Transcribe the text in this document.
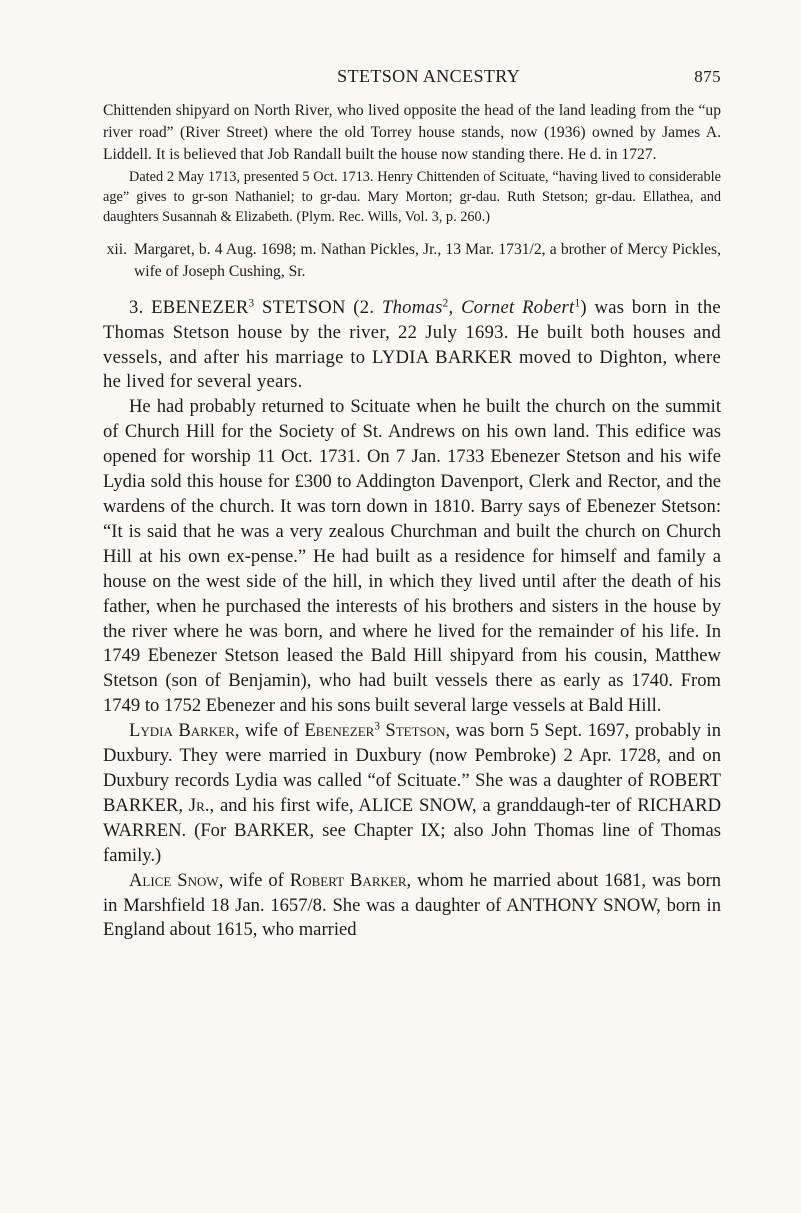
STETSON ANCESTRY	875

Chittenden shipyard on North River, who lived opposite the head of the land leading from the “up river road” (River Street) where the old Torrey house stands, now (1936) owned by James A. Liddell. It is believed that Job Randall built the house now standing there. He d. in 1727.

Dated 2 May 1713, presented 5 Oct. 1713. Henry Chittenden of Scituate, “having lived to considerable age” gives to gr-son Nathaniel; to gr-dau. Mary Morton; gr-dau. Ruth Stetson; gr-dau. Ellathea, and daughters Susannah & Elizabeth. (Plym. Rec. Wills, Vol. 3, p. 260.)

xii. Margaret, b. 4 Aug. 1698; m. Nathan Pickles, Jr., 13 Mar. 1731/2, a brother of Mercy Pickles, wife of Joseph Cushing, Sr.

3. EBENEZER$^3$ STETSON (2. Thomas$^2$, Cornet Robert$^1$) was born in the Thomas Stetson house by the river, 22 July 1693. He built both houses and vessels, and after his marriage to LYDIA BARKER moved to Dighton, where he lived for several years.

He had probably returned to Scituate when he built the church on the summit of Church Hill for the Society of St. Andrews on his own land. This edifice was opened for worship 11 Oct. 1731. On 7 Jan. 1733 Ebenezer Stetson and his wife Lydia sold this house for £300 to Addington Davenport, Clerk and Rector, and the wardens of the church. It was torn down in 1810. Barry says of Ebenezer Stetson: “It is said that he was a very zealous Churchman and built the church on Church Hill at his own ex-pense.” He had built as a residence for himself and family a house on the west side of the hill, in which they lived until after the death of his father, when he purchased the interests of his brothers and sisters in the house by the river where he was born, and where he lived for the remainder of his life. In 1749 Ebenezer Stetson leased the Bald Hill shipyard from his cousin, Matthew Stetson (son of Benjamin), who had built vessels there as early as 1740. From 1749 to 1752 Ebenezer and his sons built several large vessels at Bald Hill.

Lydia Barker, wife of Ebenezer$^3$ Stetson, was born 5 Sept. 1697, probably in Duxbury. They were married in Duxbury (now Pembroke) 2 Apr. 1728, and on Duxbury records Lydia was called “of Scituate.” She was a daughter of ROBERT BARKER, Jr., and his first wife, ALICE SNOW, a granddaugh-ter of RICHARD WARREN. (For BARKER, see Chapter IX; also John Thomas line of Thomas family.)

Alice Snow, wife of Robert Barker, whom he married about 1681, was born in Marshfield 18 Jan. 1657/8. She was a daughter of ANTHONY SNOW, born in England about 1615, who married
